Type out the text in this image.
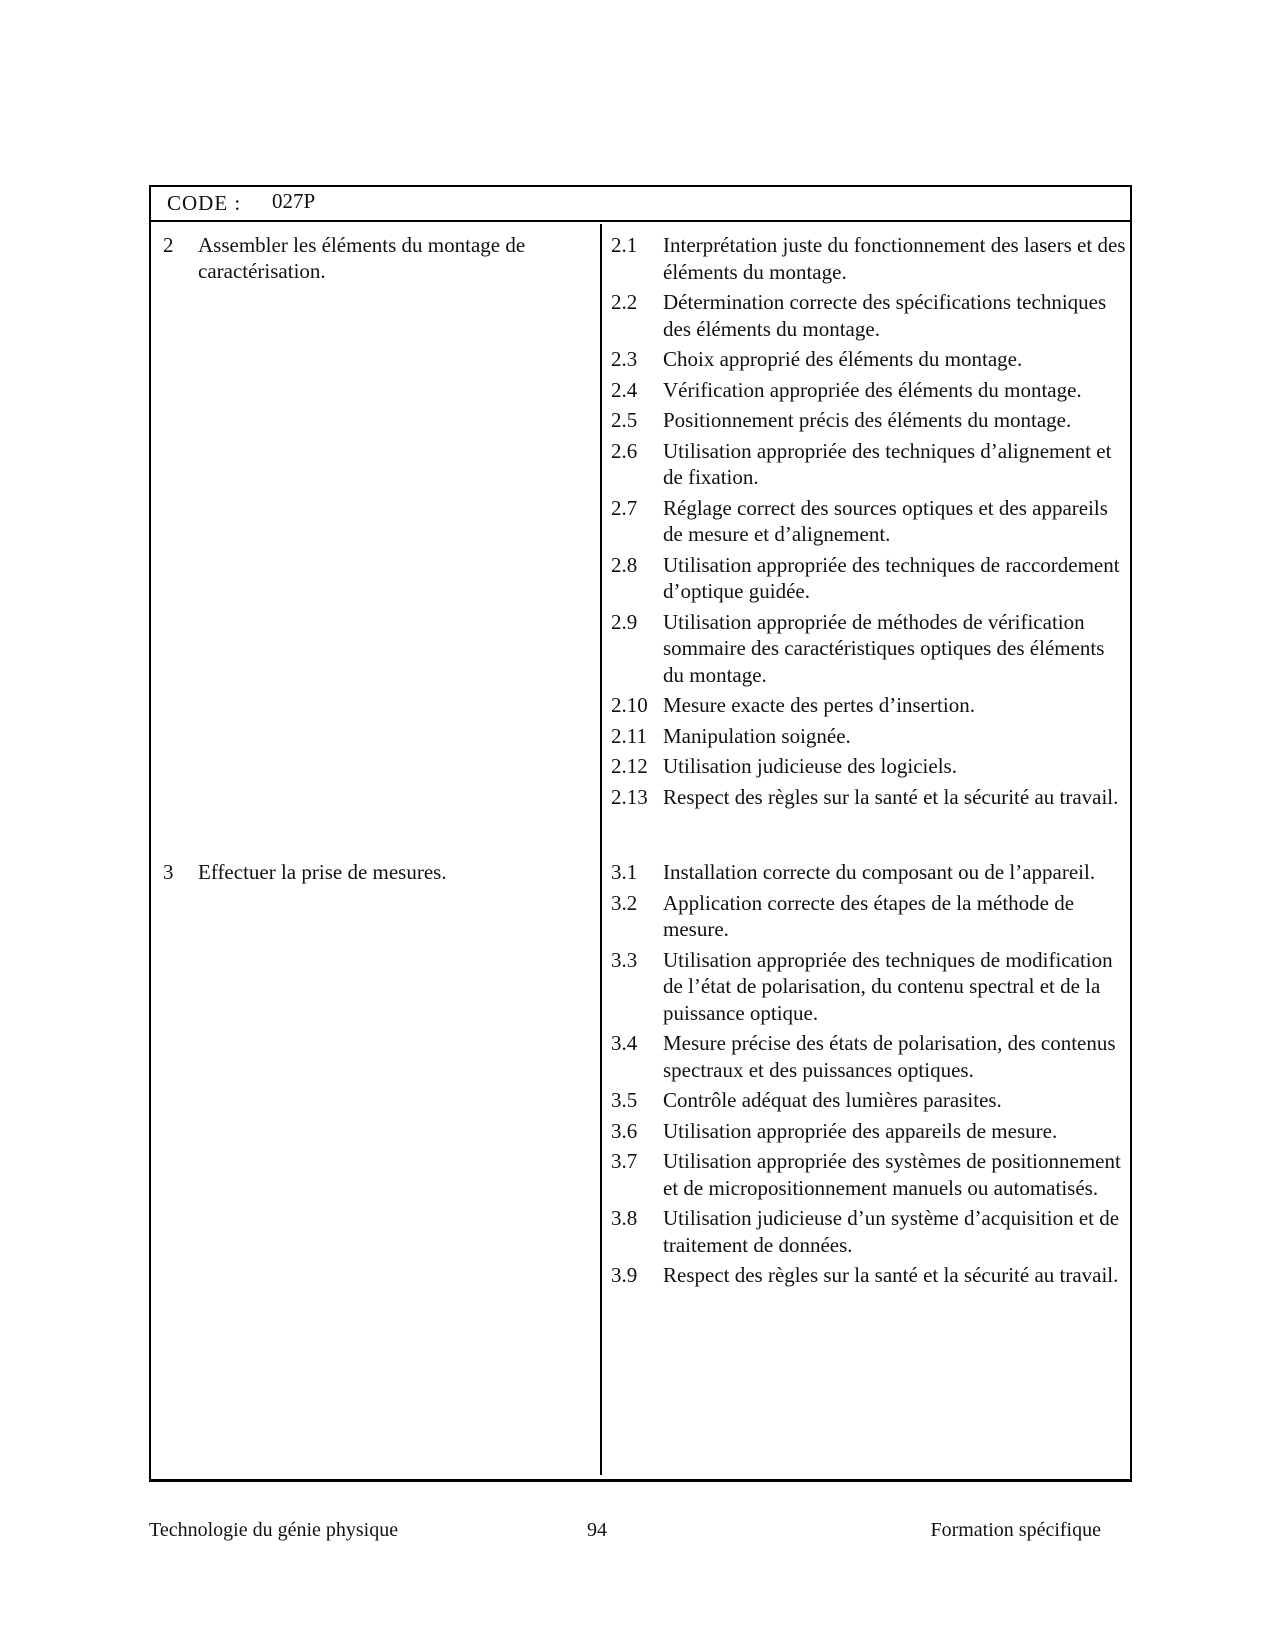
CODE : 027P
2 Assembler les éléments du montage de caractérisation.
2.1	Interprétation juste du fonctionnement des lasers et des éléments du montage.
2.2	Détermination correcte des spécifications techniques des éléments du montage.
2.3	Choix approprié des éléments du montage.
2.4	Vérification appropriée des éléments du montage.
2.5	Positionnement précis des éléments du montage.
2.6	Utilisation appropriée des techniques d’alignement et de fixation.
2.7	Réglage correct des sources optiques et des appareils de mesure et d’alignement.
2.8	Utilisation appropriée des techniques de raccordement d’optique guidée.
2.9	Utilisation appropriée de méthodes de vérification sommaire des caractéristiques optiques des éléments du montage.
2.10 Mesure exacte des pertes d’insertion.
2.11 Manipulation soignée.
2.12 Utilisation judicieuse des logiciels.
2.13 Respect des règles sur la santé et la sécurité au travail.
3 Effectuer la prise de mesures.	3.1	Installation correcte du composant ou de l’appareil.
3.2	Application correcte des étapes de la méthode de mesure.
3.3	Utilisation appropriée des techniques de modification de l’état de polarisation, du contenu spectral et de la puissance optique.
3.4	Mesure précise des états de polarisation, des contenus spectraux et des puissances optiques.
3.5	Contrôle adéquat des lumières parasites.
3.6	Utilisation appropriée des appareils de mesure.
3.7	Utilisation appropriée des systèmes de positionnement et de micropositionnement manuels ou automatisés.
3.8	Utilisation judicieuse d’un système d’acquisition et de traitement de données.
3.9	Respect des règles sur la santé et la sécurité au travail.
Technologie du génie physique	94	Formation spécifique
